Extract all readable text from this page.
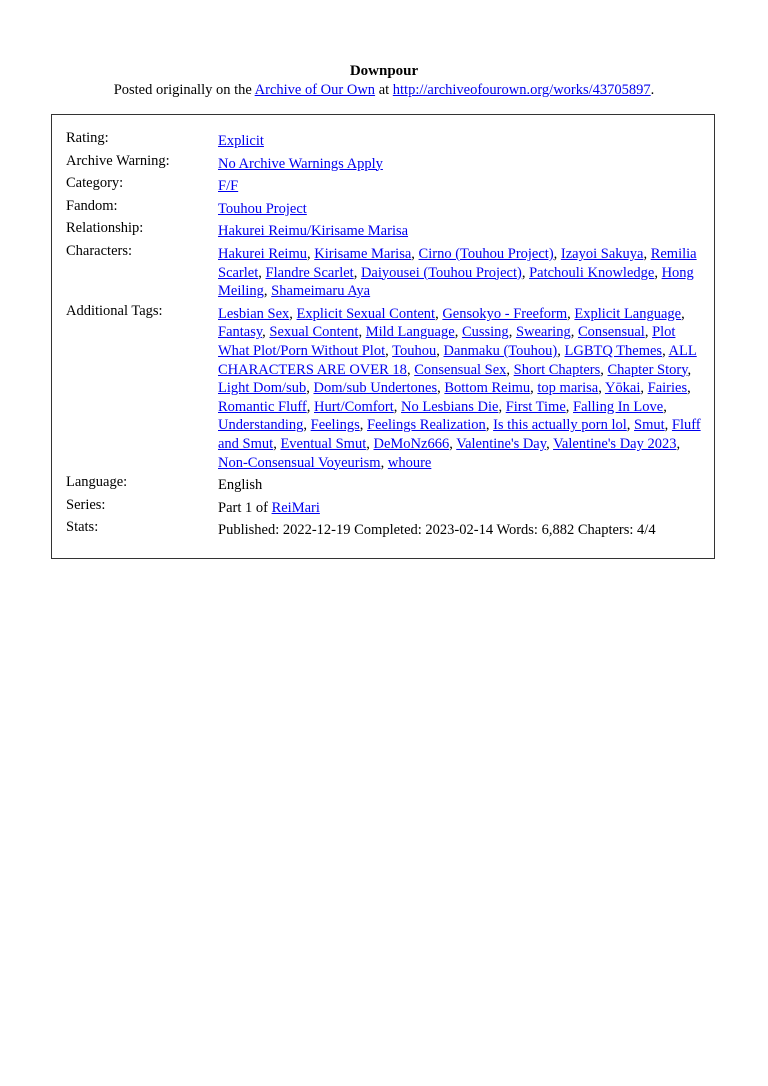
Downpour
Posted originally on the Archive of Our Own at http://archiveofourown.org/works/43705897.
Rating:	Explicit
Archive Warning:	No Archive Warnings Apply
Category:	F/F
Fandom:	Touhou Project
Relationship:	Hakurei Reimu/Kirisame Marisa
Characters:	Hakurei Reimu, Kirisame Marisa, Cirno (Touhou Project), Izayoi Sakuya, Remilia Scarlet, Flandre Scarlet, Daiyousei (Touhou Project), Patchouli Knowledge, Hong Meiling, Shameimaru Aya
Additional Tags:	Lesbian Sex, Explicit Sexual Content, Gensokyo - Freeform, Explicit Language, Fantasy, Sexual Content, Mild Language, Cussing, Swearing, Consensual, Plot What Plot/Porn Without Plot, Touhou, Danmaku (Touhou), LGBTQ Themes, ALL CHARACTERS ARE OVER 18, Consensual Sex, Short Chapters, Chapter Story, Light Dom/sub, Dom/sub Undertones, Bottom Reimu, top marisa, Yōkai, Fairies, Romantic Fluff, Hurt/Comfort, No Lesbians Die, First Time, Falling In Love, Understanding, Feelings, Feelings Realization, Is this actually porn lol, Smut, Fluff and Smut, Eventual Smut, DeMoNz666, Valentine's Day, Valentine's Day 2023, Non-Consensual Voyeurism, whoure
Language:	English
Series:	Part 1 of ReiMari
Stats:	Published: 2022-12-19 Completed: 2023-02-14 Words: 6,882 Chapters: 4/4
